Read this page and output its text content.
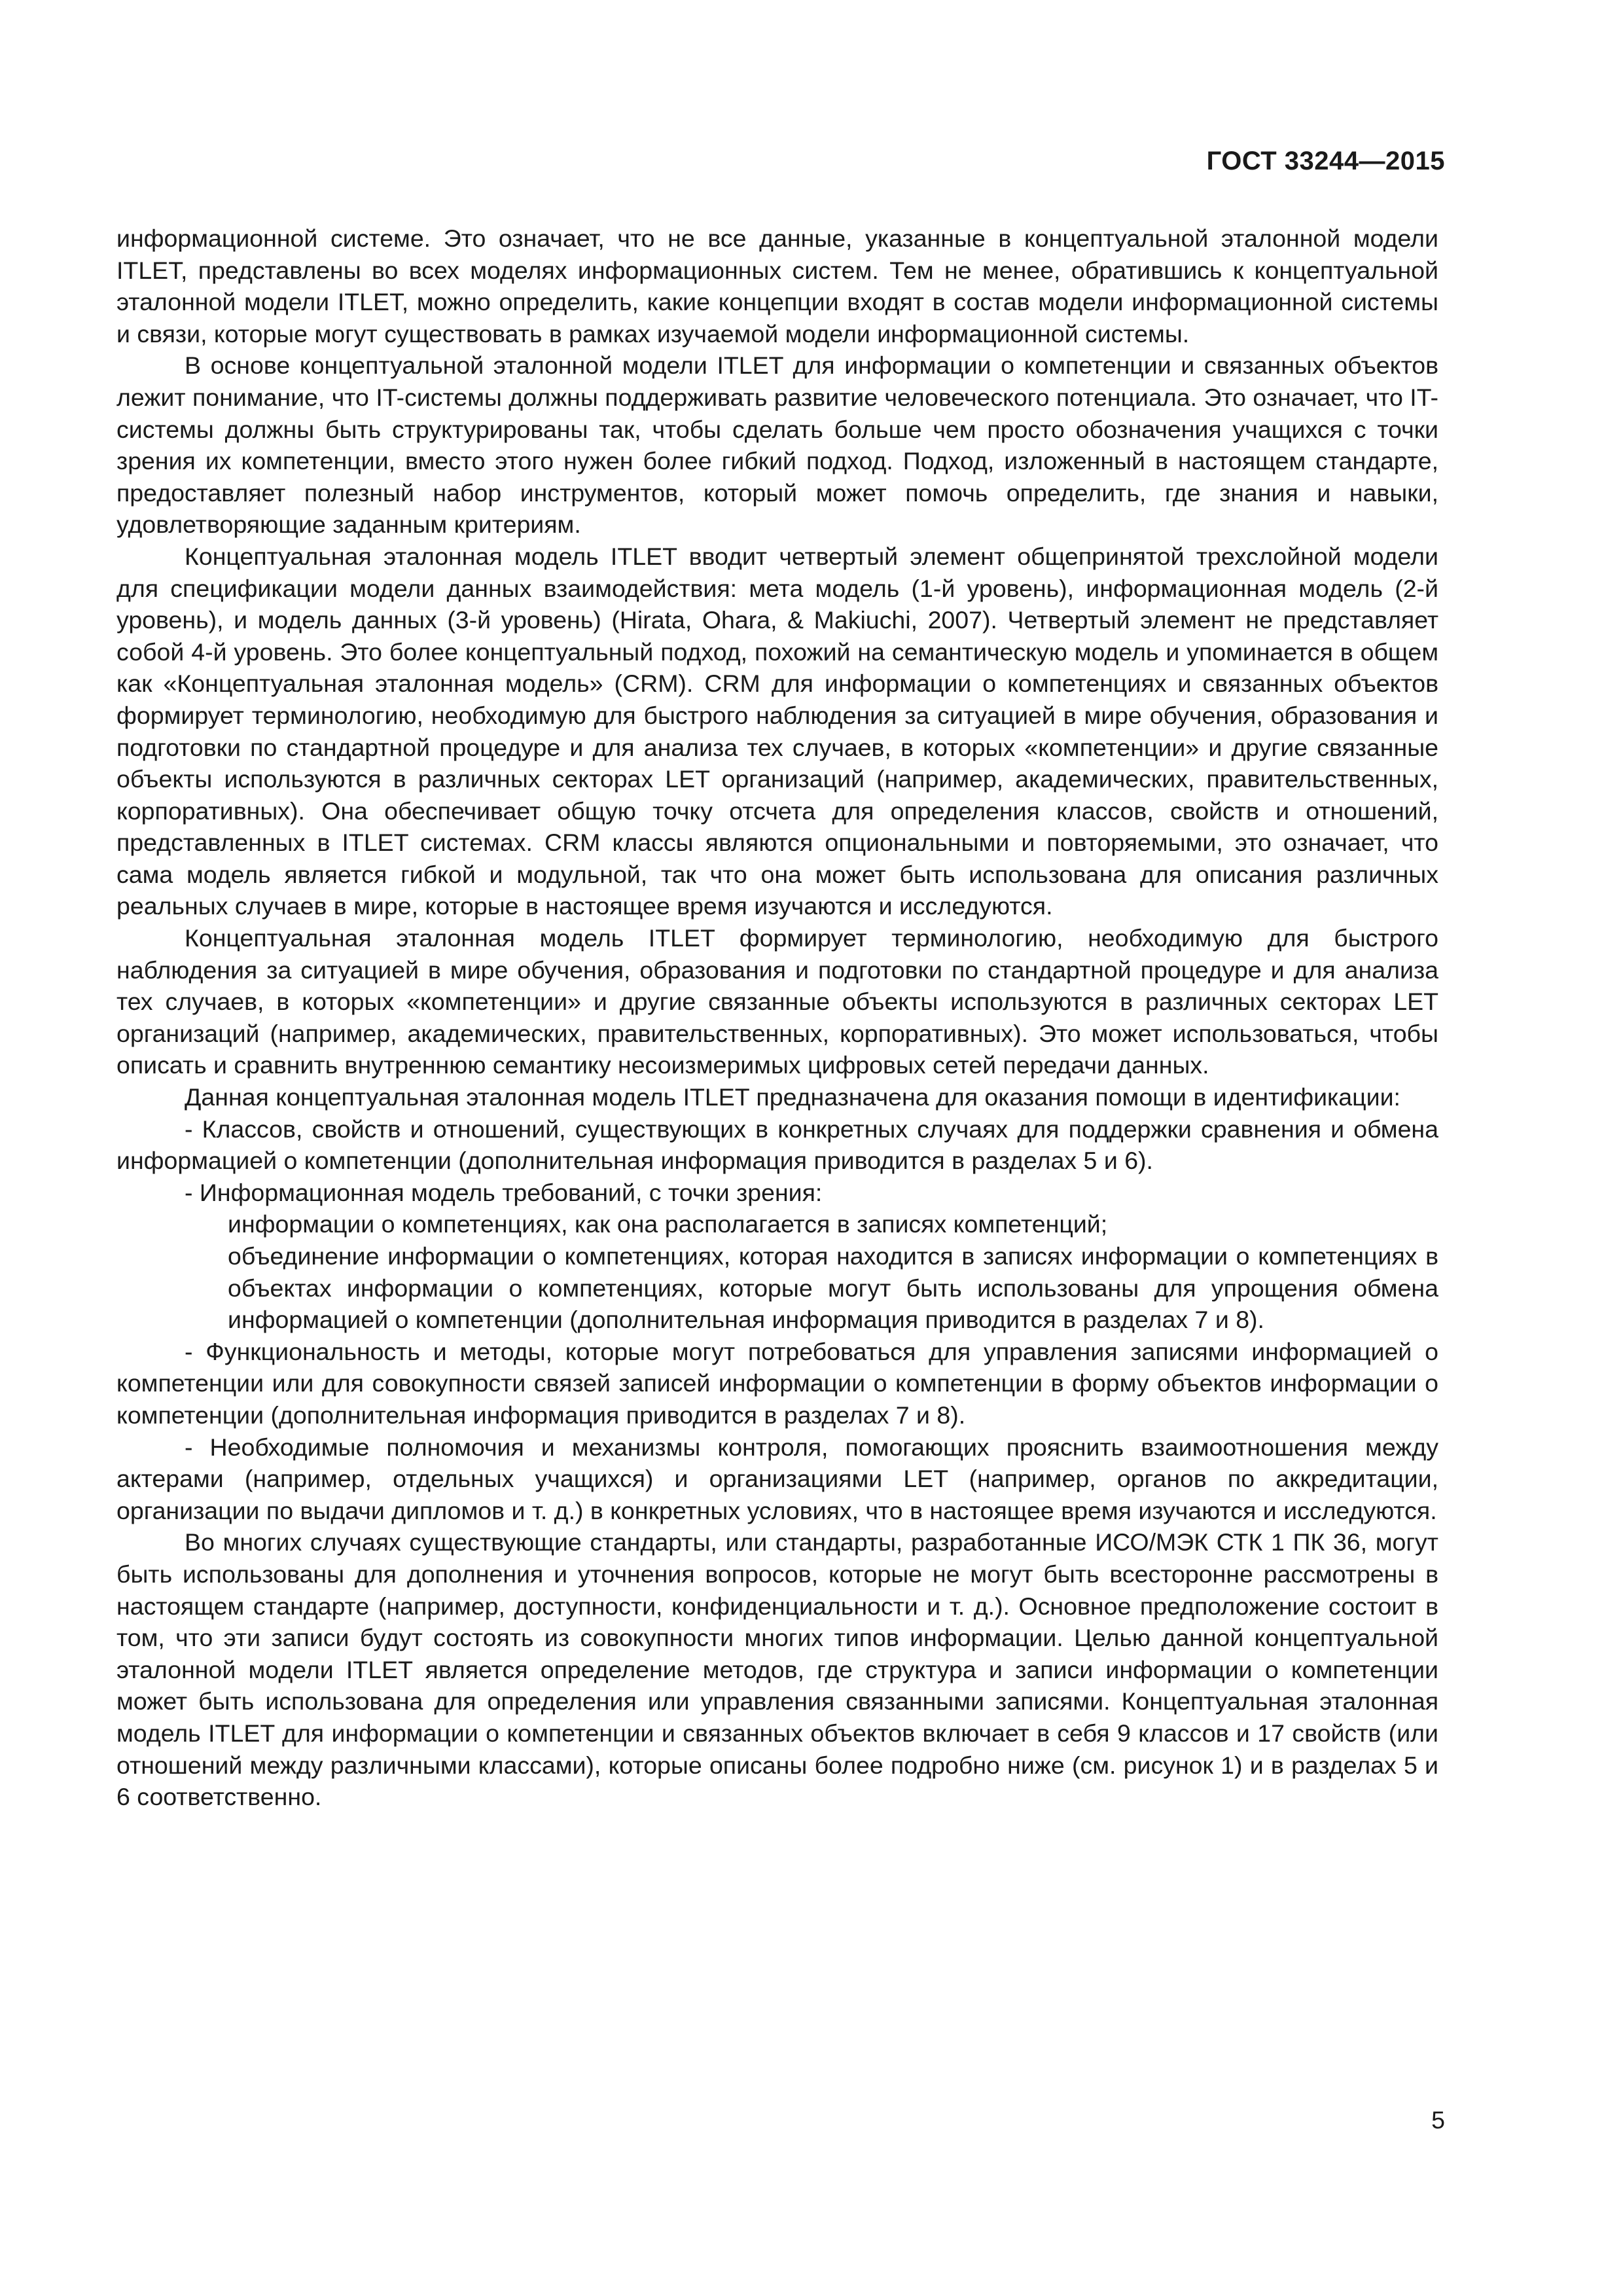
ГОСТ 33244—2015

информационной системе. Это означает, что не все данные, указанные в концептуальной эталонной модели ITLET, представлены во всех моделях информационных систем. Тем не менее, обратившись к концептуальной эталонной модели ITLET, можно определить, какие концепции входят в состав модели информационной системы и связи, которые могут существовать в рамках изучаемой модели информационной системы.

В основе концептуальной эталонной модели ITLET для информации о компетенции и связанных объектов лежит понимание, что IT-системы должны поддерживать развитие человеческого потенциала. Это означает, что IT-системы должны быть структурированы так, чтобы сделать больше чем просто обозначения учащихся с точки зрения их компетенции, вместо этого нужен более гибкий подход. Подход, изложенный в настоящем стандарте, предоставляет полезный набор инструментов, который может помочь определить, где знания и навыки, удовлетворяющие заданным критериям.

Концептуальная эталонная модель ITLET вводит четвертый элемент общепринятой трехслойной модели для спецификации модели данных взаимодействия: мета модель (1-й уровень), информационная модель (2-й уровень), и модель данных (3-й уровень) (Hirata, Ohara, & Makiuchi, 2007). Четвертый элемент не представляет собой 4-й уровень. Это более концептуальный подход, похожий на семантическую модель и упоминается в общем как «Концептуальная эталонная модель» (CRM). CRM для информации о компетенциях и связанных объектов формирует терминологию, необходимую для быстрого наблюдения за ситуацией в мире обучения, образования и подготовки по стандартной процедуре и для анализа тех случаев, в которых «компетенции» и другие связанные объекты используются в различных секторах LET организаций (например, академических, правительственных, корпоративных). Она обеспечивает общую точку отсчета для определения классов, свойств и отношений, представленных в ITLET системах. CRM классы являются опциональными и повторяемыми, это означает, что сама модель является гибкой и модульной, так что она может быть использована для описания различных реальных случаев в мире, которые в настоящее время изучаются и исследуются.

Концептуальная эталонная модель ITLET формирует терминологию, необходимую для быстрого наблюдения за ситуацией в мире обучения, образования и подготовки по стандартной процедуре и для анализа тех случаев, в которых «компетенции» и другие связанные объекты используются в различных секторах LET организаций (например, академических, правительственных, корпоративных). Это может использоваться, чтобы описать и сравнить внутреннюю семантику несоизмеримых цифровых сетей передачи данных.

Данная концептуальная эталонная модель ITLET предназначена для оказания помощи в идентификации:

- Классов, свойств и отношений, существующих в конкретных случаях для поддержки сравнения и обмена информацией о компетенции (дополнительная информация приводится в разделах 5 и 6).

- Информационная модель требований, с точки зрения:

информации о компетенциях, как она располагается в записях компетенций;

объединение информации о компетенциях, которая находится в записях информации о компетенциях в объектах информации о компетенциях, которые могут быть использованы для упрощения обмена информацией о компетенции (дополнительная информация приводится в разделах 7 и 8).

- Функциональность и методы, которые могут потребоваться для управления записями информацией о компетенции или для совокупности связей записей информации о компетенции в форму объектов информации о компетенции (дополнительная информация приводится в разделах 7 и 8).

- Необходимые полномочия и механизмы контроля, помогающих прояснить взаимоотношения между актерами (например, отдельных учащихся) и организациями LET (например, органов по аккредитации, организации по выдачи дипломов и т. д.) в конкретных условиях, что в настоящее время изучаются и исследуются.

Во многих случаях существующие стандарты, или стандарты, разработанные ИСО/МЭК СТК 1 ПК 36, могут быть использованы для дополнения и уточнения вопросов, которые не могут быть всесторонне рассмотрены в настоящем стандарте (например, доступности, конфиденциальности и т. д.). Основное предположение состоит в том, что эти записи будут состоять из совокупности многих типов информации. Целью данной концептуальной эталонной модели ITLET является определение методов, где структура и записи информации о компетенции может быть использована для определения или управления связанными записями. Концептуальная эталонная модель ITLET для информации о компетенции и связанных объектов включает в себя 9 классов и 17 свойств (или отношений между различными классами), которые описаны более подробно ниже (см. рисунок 1) и в разделах 5 и 6 соответственно.

5
